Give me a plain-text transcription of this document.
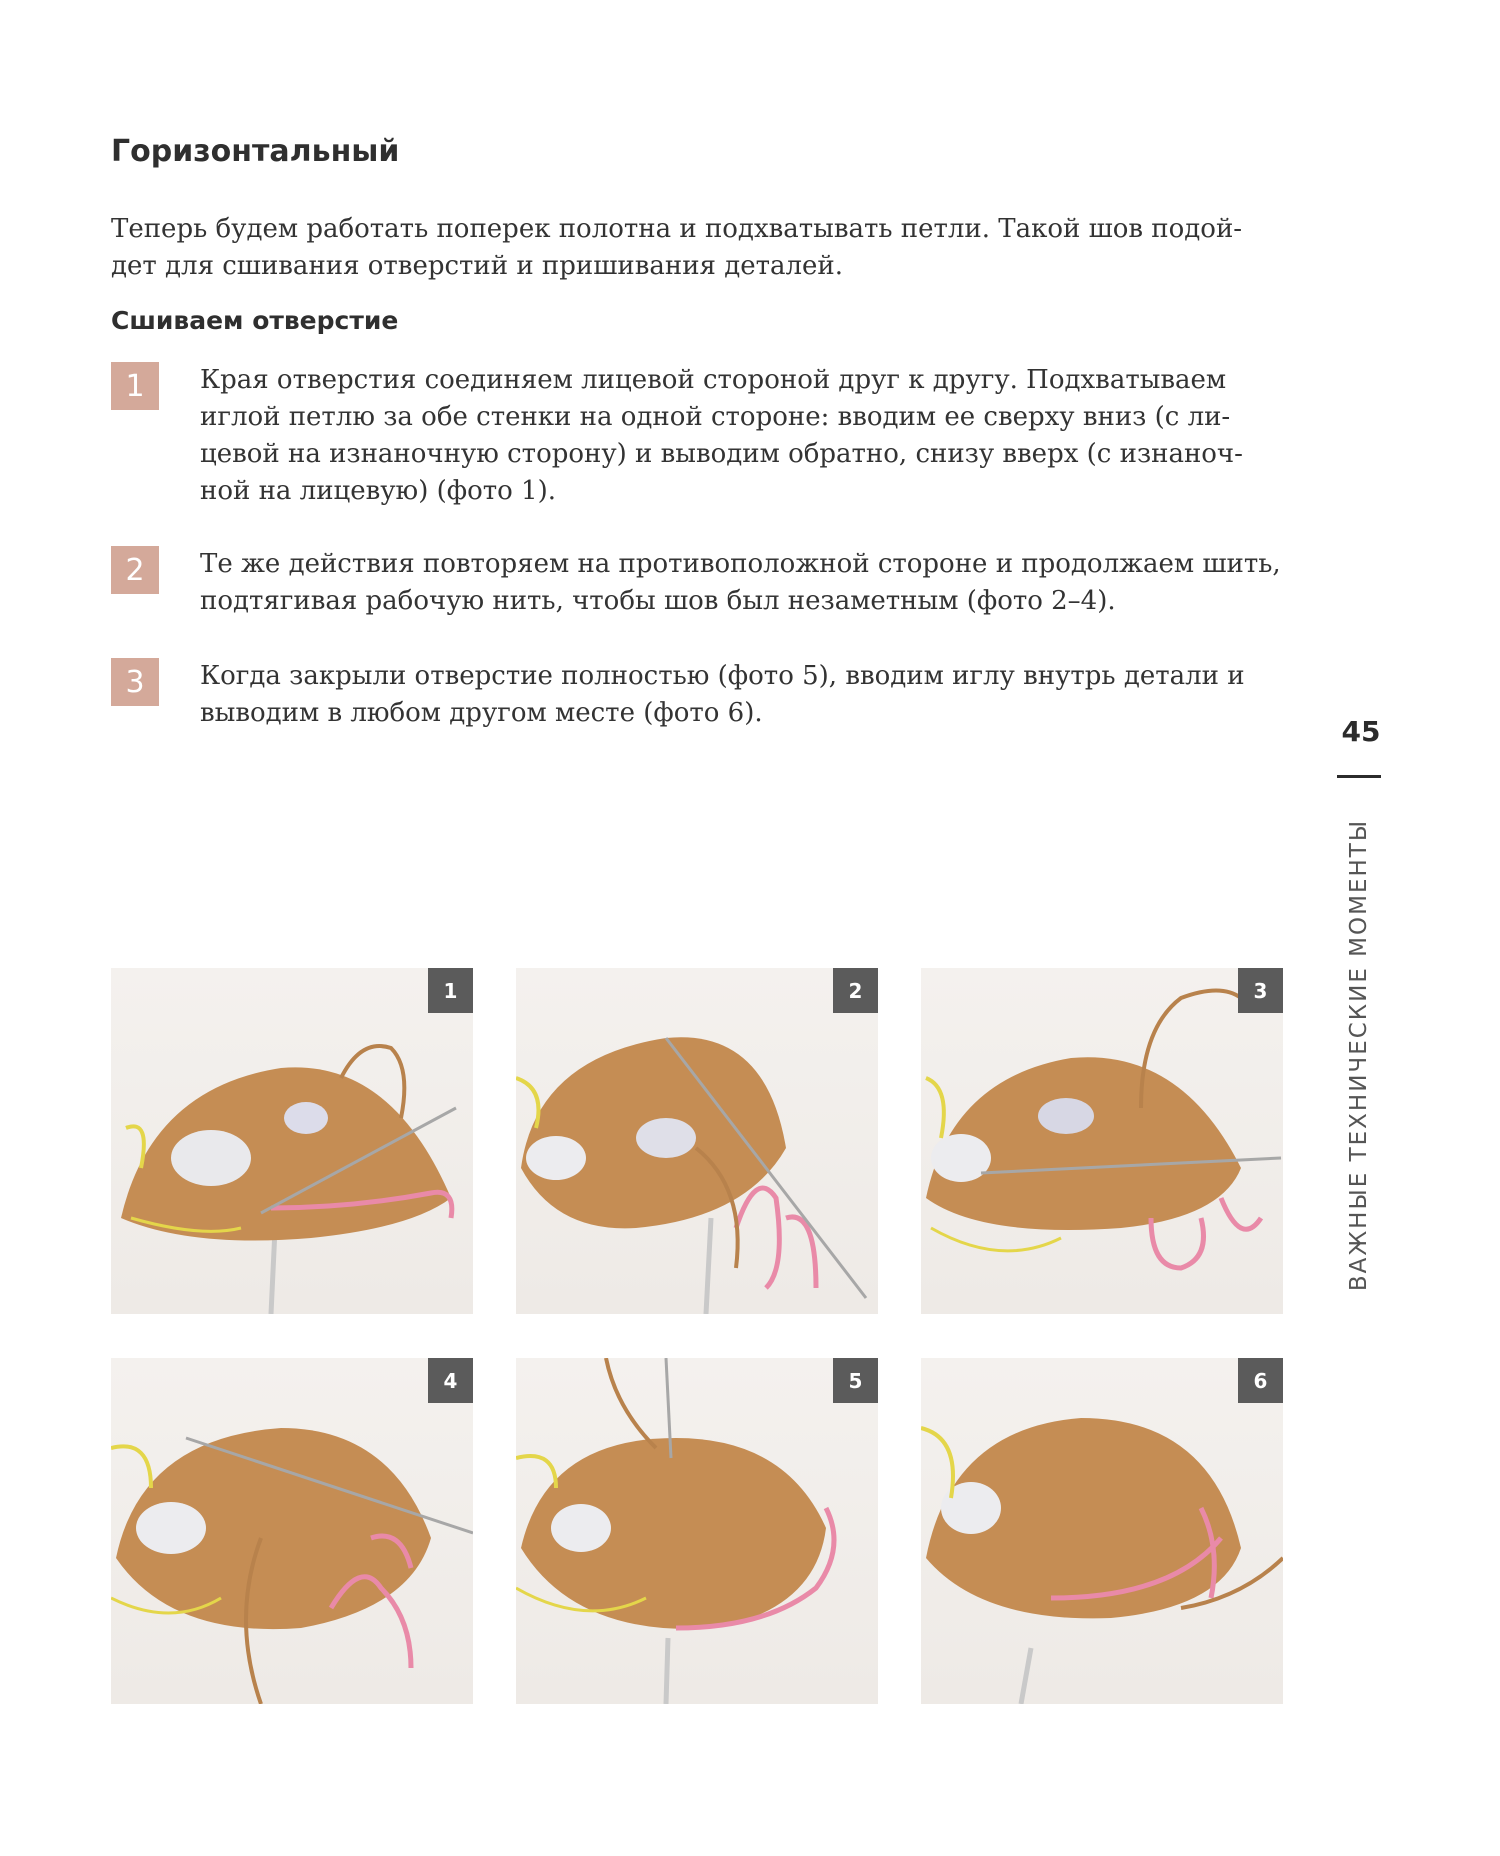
Горизонтальный
Теперь будем работать поперек полотна и подхватывать петли. Такой шов подой-дет для сшивания отверстий и пришивания деталей.
Сшиваем отверстие
1	Края отверстия соединяем лицевой стороной друг к другу. Подхватываем иглой петлю за обе стенки на одной стороне: вводим ее сверху вниз (с ли-цевой на изнаночную сторону) и выводим обратно, снизу вверх (с изнаноч-ной на лицевую) (фото 1).
2	Те же действия повторяем на противоположной стороне и продолжаем шить, подтягивая рабочую нить, чтобы шов был незаметным (фото 2–4).
3	Когда закрыли отверстие полностью (фото 5), вводим иглу внутрь детали и выводим в любом другом месте (фото 6).
45
ВАЖНЫЕ ТЕХНИЧЕСКИЕ МОМЕНТЫ
1	2	3
4	5	6
